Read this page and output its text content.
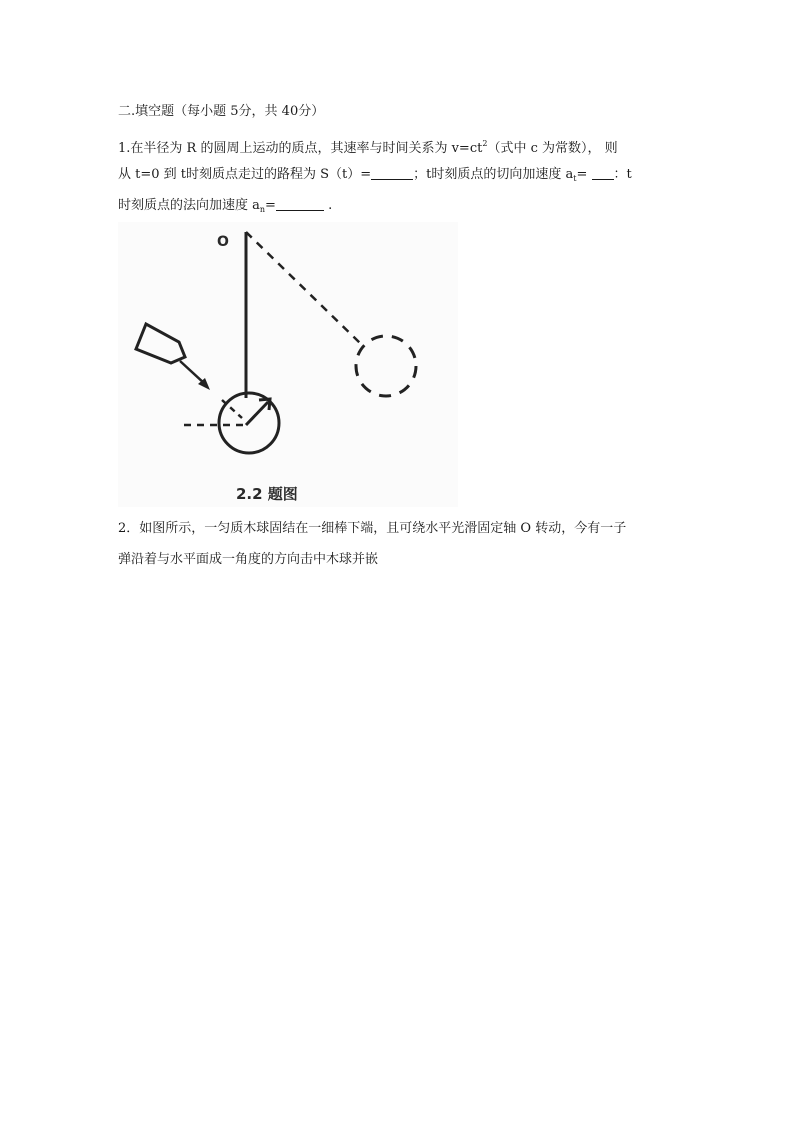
二.填空题（每小题 5分，共 40分）
1.在半径为 R 的圆周上运动的质点，其速率与时间关系为 $v=ct^2$（式中 c 为常数）， 则
从 t=0 到 t时刻质点走过的路程为 S（t）=	；t时刻质点的切向加速度 $a_t=$ ：t
时刻质点的法向加速度 $a_n=$	.
O
2.2 题图
2．如图所示，一匀质木球固结在一细棒下端，且可绕水平光滑固定轴 O 转动，今有一子
弹沿着与水平面成一角度的方向击中木球并嵌
